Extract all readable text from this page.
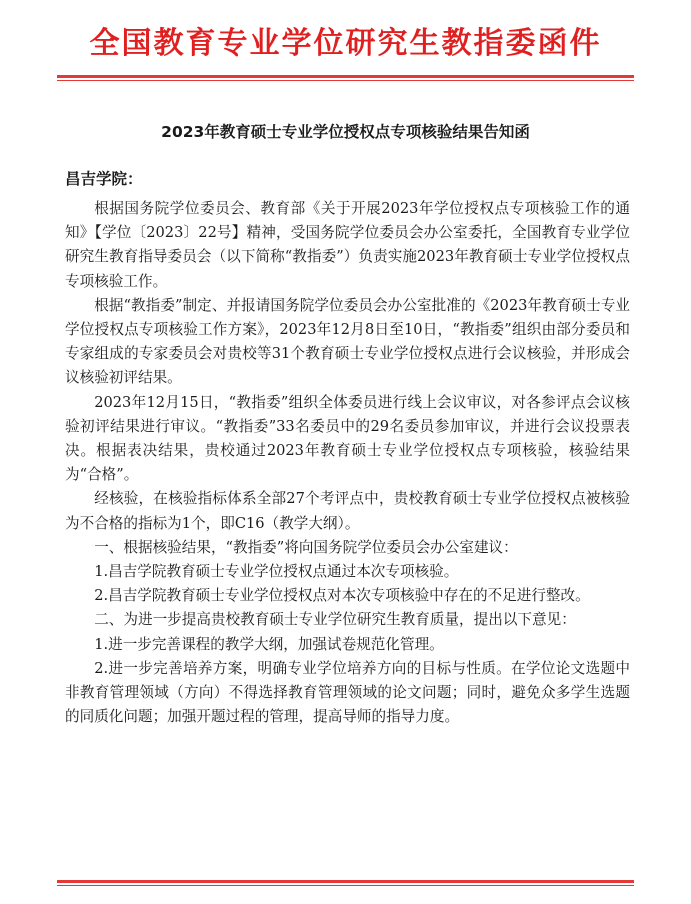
全国教育专业学位研究生教指委函件
2023年教育硕士专业学位授权点专项核验结果告知函
昌吉学院：

根据国务院学位委员会、教育部《关于开展2023年学位授权点专项核验工作的通知》【学位〔2023〕22号】精神，受国务院学位委员会办公室委托，全国教育专业学位研究生教育指导委员会（以下简称“教指委”）负责实施2023年教育硕士专业学位授权点专项核验工作。

根据“教指委”制定、并报请国务院学位委员会办公室批准的《2023年教育硕士专业学位授权点专项核验工作方案》，2023年12月8日至10日，“教指委”组织由部分委员和专家组成的专家委员会对贵校等31个教育硕士专业学位授权点进行会议核验，并形成会议核验初评结果。

2023年12月15日，“教指委”组织全体委员进行线上会议审议，对各参评点会议核验初评结果进行审议。“教指委”33名委员中的29名委员参加审议，并进行会议投票表决。根据表决结果，贵校通过2023年教育硕士专业学位授权点专项核验，核验结果为“合格”。

经核验，在核验指标体系全部27个考评点中，贵校教育硕士专业学位授权点被核验为不合格的指标为1个，即C16（教学大纲）。

一、根据核验结果，“教指委”将向国务院学位委员会办公室建议：

1.昌吉学院教育硕士专业学位授权点通过本次专项核验。

2.昌吉学院教育硕士专业学位授权点对本次专项核验中存在的不足进行整改。

二、为进一步提高贵校教育硕士专业学位研究生教育质量，提出以下意见：

1.进一步完善课程的教学大纲，加强试卷规范化管理。

2.进一步完善培养方案，明确专业学位培养方向的目标与性质。在学位论文选题中非教育管理领域（方向）不得选择教育管理领域的论文问题；同时，避免众多学生选题的同质化问题；加强开题过程的管理，提高导师的指导力度。
